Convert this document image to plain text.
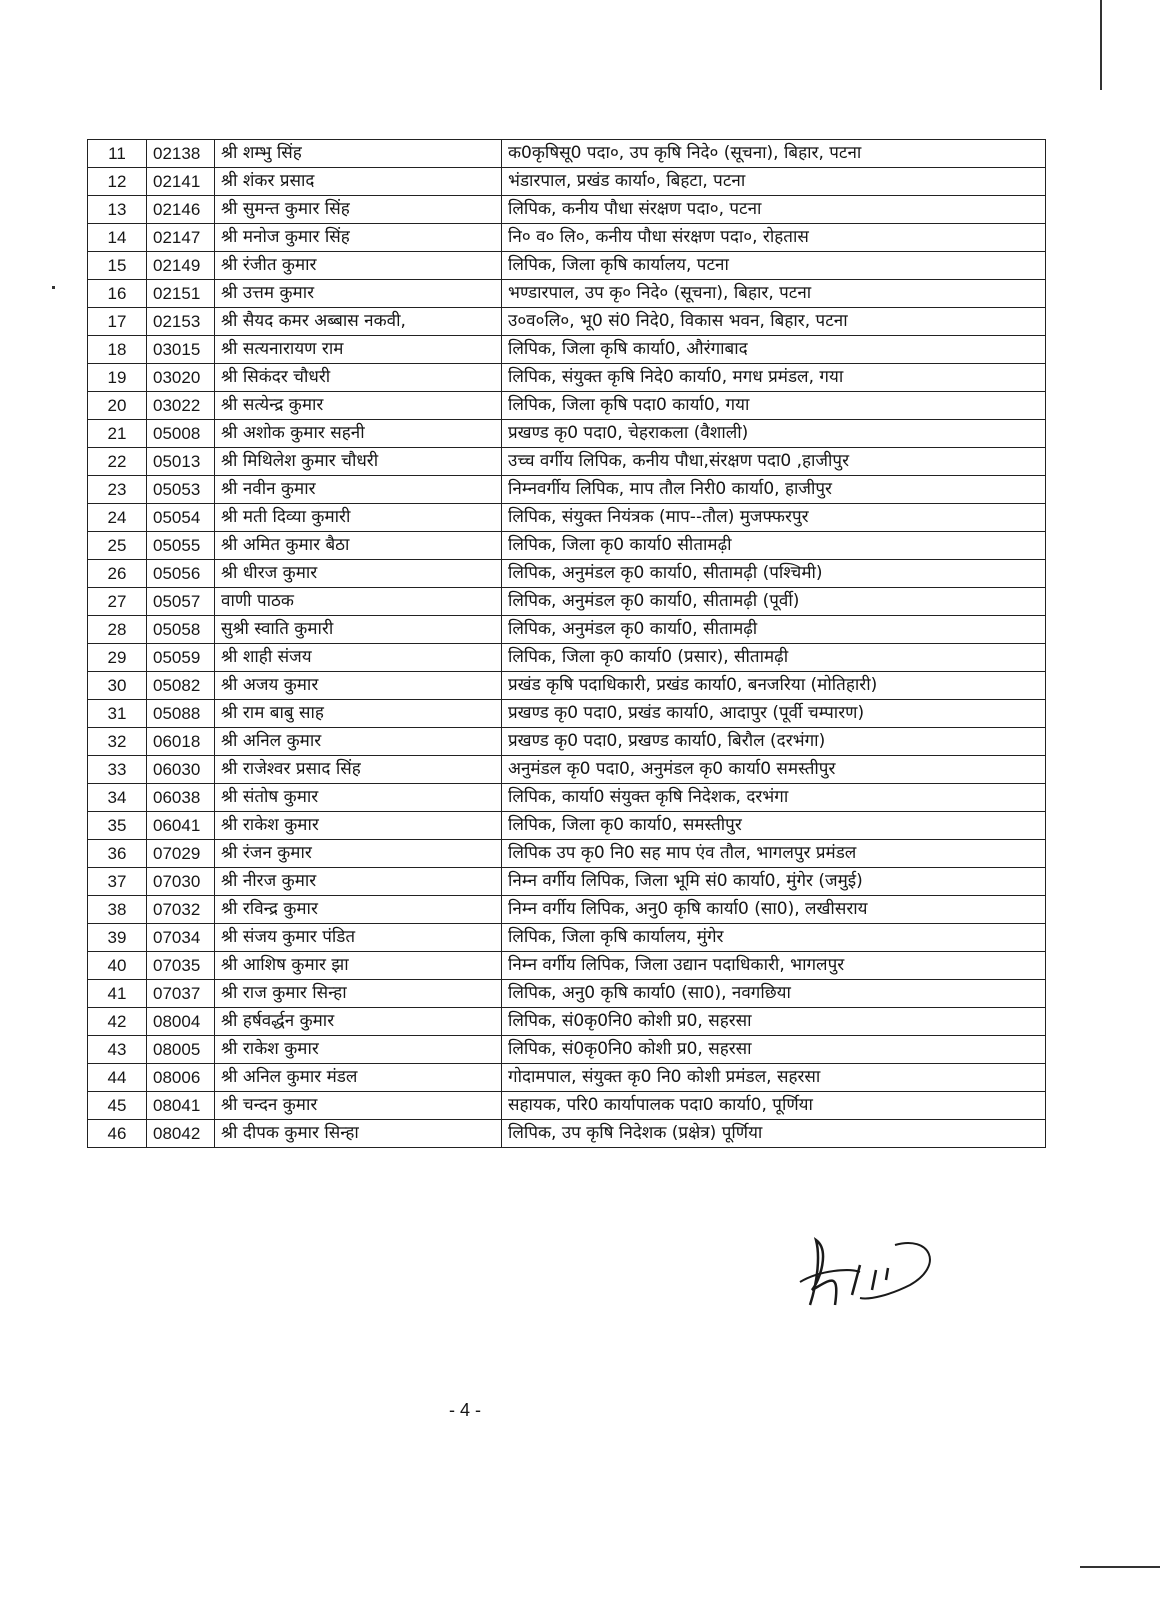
11	02138	श्री शम्भु सिंह	क0कृषिसू0 पदा०, उप कृषि निदे० (सूचना), बिहार, पटना
12	02141	श्री शंकर प्रसाद	भंडारपाल, प्रखंड कार्या०, बिहटा, पटना
13	02146	श्री सुमन्त कुमार सिंह	लिपिक, कनीय पौधा संरक्षण पदा०, पटना
14	02147	श्री मनोज कुमार सिंह	नि० व० लि०, कनीय पौधा संरक्षण पदा०, रोहतास
15	02149	श्री रंजीत कुमार	लिपिक, जिला कृषि कार्यालय, पटना
16	02151	श्री उत्तम कुमार	भण्डारपाल, उप कृ० निदे० (सूचना), बिहार, पटना
17	02153	श्री सैयद कमर अब्बास नकवी,	उ०व०लि०, भू0 सं0 निदे0, विकास भवन, बिहार, पटना
18	03015	श्री सत्यनारायण राम	लिपिक, जिला कृषि कार्या0, औरंगाबाद
19	03020	श्री सिकंदर चौधरी	लिपिक, संयुक्त कृषि निदे0 कार्या0, मगध प्रमंडल, गया
20	03022	श्री सत्येन्द्र कुमार	लिपिक, जिला कृषि पदा0 कार्या0, गया
21	05008	श्री अशोक कुमार सहनी	प्रखण्ड कृ0 पदा0, चेहराकला (वैशाली)
22	05013	श्री मिथिलेश कुमार चौधरी	उच्च वर्गीय लिपिक, कनीय पौधा,संरक्षण पदा0 ,हाजीपुर
23	05053	श्री नवीन कुमार	निम्नवर्गीय लिपिक, माप तौल निरी0 कार्या0, हाजीपुर
24	05054	श्री मती दिव्या कुमारी	लिपिक, संयुक्त नियंत्रक (माप--तौल) मुजफ्फरपुर
25	05055	श्री अमित कुमार बैठा	लिपिक, जिला कृ0 कार्या0 सीतामढ़ी
26	05056	श्री धीरज कुमार	लिपिक, अनुमंडल कृ0 कार्या0, सीतामढ़ी (पश्चिमी)
27	05057	वाणी पाठक	लिपिक, अनुमंडल कृ0 कार्या0, सीतामढ़ी (पूर्वी)
28	05058	सुश्री स्वाति कुमारी	लिपिक, अनुमंडल कृ0 कार्या0, सीतामढ़ी
29	05059	श्री शाही संजय	लिपिक, जिला कृ0 कार्या0 (प्रसार), सीतामढ़ी
30	05082	श्री अजय कुमार	प्रखंड कृषि पदाधिकारी, प्रखंड कार्या0, बनजरिया (मोतिहारी)
31	05088	श्री राम बाबु साह	प्रखण्ड कृ0 पदा0, प्रखंड कार्या0, आदापुर (पूर्वी चम्पारण)
32	06018	श्री अनिल कुमार	प्रखण्ड कृ0 पदा0, प्रखण्ड कार्या0, बिरौल (दरभंगा)
33	06030	श्री राजेश्वर प्रसाद सिंह	अनुमंडल कृ0 पदा0, अनुमंडल कृ0 कार्या0 समस्तीपुर
34	06038	श्री संतोष कुमार	लिपिक, कार्या0 संयुक्त कृषि निदेशक, दरभंगा
35	06041	श्री राकेश कुमार	लिपिक, जिला कृ0 कार्या0, समस्तीपुर
36	07029	श्री रंजन कुमार	लिपिक उप कृ0 नि0 सह माप एंव तौल, भागलपुर प्रमंडल
37	07030	श्री नीरज कुमार	निम्न वर्गीय लिपिक, जिला भूमि सं0 कार्या0, मुंगेर (जमुई)
38	07032	श्री रविन्द्र कुमार	निम्न वर्गीय लिपिक, अनु0 कृषि कार्या0 (सा0), लखीसराय
39	07034	श्री संजय कुमार पंडित	लिपिक, जिला कृषि कार्यालय, मुंगेर
40	07035	श्री आशिष कुमार झा	निम्न वर्गीय लिपिक, जिला उद्यान पदाधिकारी, भागलपुर
41	07037	श्री राज कुमार सिन्हा	लिपिक, अनु0 कृषि कार्या0 (सा0), नवगछिया
42	08004	श्री हर्षवर्द्धन कुमार	लिपिक, सं0कृ0नि0 कोशी प्र0, सहरसा
43	08005	श्री राकेश कुमार	लिपिक, सं0कृ0नि0 कोशी प्र0, सहरसा
44	08006	श्री अनिल कुमार मंडल	गोदामपाल, संयुक्त कृ0 नि0 कोशी प्रमंडल, सहरसा
45	08041	श्री चन्दन कुमार	सहायक, परि0 कार्यापालक पदा0 कार्या0, पूर्णिया
46	08042	श्री दीपक कुमार सिन्हा	लिपिक, उप कृषि निदेशक (प्रक्षेत्र) पूर्णिया
- 4 -
